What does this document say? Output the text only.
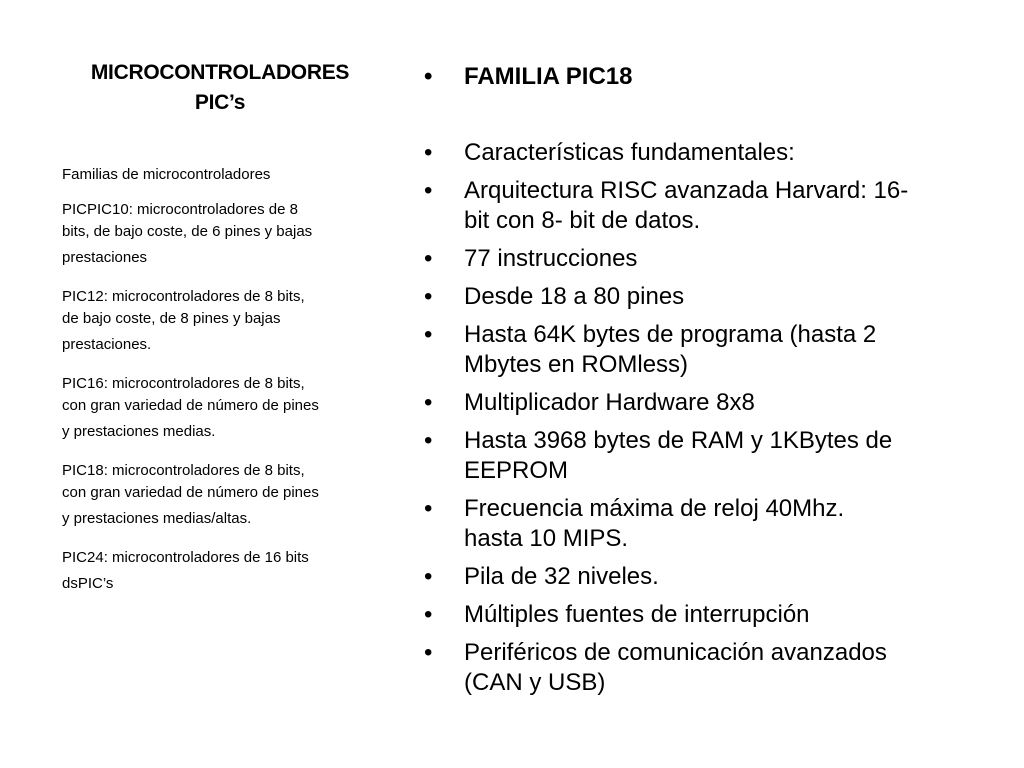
MICROCONTROLADORES
PIC’s

Familias de microcontroladores

PICPIC10: microcontroladores de 8
bits, de bajo coste, de 6 pines y bajas
prestaciones

PIC12: microcontroladores de 8 bits,
de bajo coste, de 8 pines y bajas
prestaciones.

PIC16: microcontroladores de 8 bits,
con gran variedad de número de pines
y prestaciones medias.

PIC18: microcontroladores de 8 bits,
con gran variedad de número de pines
y prestaciones medias/altas.

PIC24: microcontroladores de 16 bits
dsPIC’s

•	FAMILIA PIC18
•	Características fundamentales:
•	Arquitectura RISC avanzada Harvard: 16-
bit con 8- bit de datos.
•	77 instrucciones
•	Desde 18 a 80 pines
•	Hasta 64K bytes de programa (hasta 2
Mbytes en ROMless)
•	Multiplicador Hardware 8x8
•	Hasta 3968 bytes de RAM y 1KBytes de
EEPROM
•	Frecuencia máxima de reloj 40Mhz.
hasta 10 MIPS.
•	Pila de 32 niveles.
•	Múltiples fuentes de interrupción
•	Periféricos de comunicación avanzados
(CAN y USB)
